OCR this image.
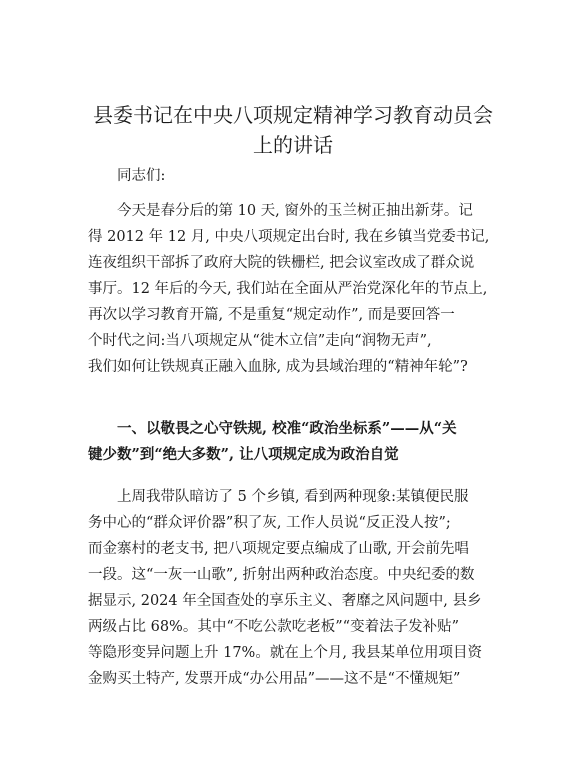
县委书记在中央八项规定精神学习教育动员会
上的讲话

同志们:

今天是春分后的第 10 天, 窗外的玉兰树正抽出新芽。记
得 2012 年 12 月, 中央八项规定出台时, 我在乡镇当党委书记,
连夜组织干部拆了政府大院的铁栅栏, 把会议室改成了群众说
事厅。12 年后的今天, 我们站在全面从严治党深化年的节点上,
再次以学习教育开篇, 不是重复“规定动作”, 而是要回答一
个时代之问:当八项规定从“徙木立信”走向“润物无声”,
我们如何让铁规真正融入血脉, 成为县域治理的“精神年轮”?

一、以敬畏之心守铁规, 校准“政治坐标系”——从“关
键少数”到“绝大多数”, 让八项规定成为政治自觉

上周我带队暗访了 5 个乡镇, 看到两种现象:某镇便民服
务中心的“群众评价器”积了灰, 工作人员说“反正没人按”;
而金寨村的老支书, 把八项规定要点编成了山歌, 开会前先唱
一段。这“一灰一山歌”, 折射出两种政治态度。中央纪委的数
据显示, 2024 年全国查处的享乐主义、奢靡之风问题中, 县乡
两级占比 68%。其中“不吃公款吃老板”“变着法子发补贴”
等隐形变异问题上升 17%。就在上个月, 我县某单位用项目资
金购买土特产, 发票开成“办公用品”——这不是“不懂规矩”
